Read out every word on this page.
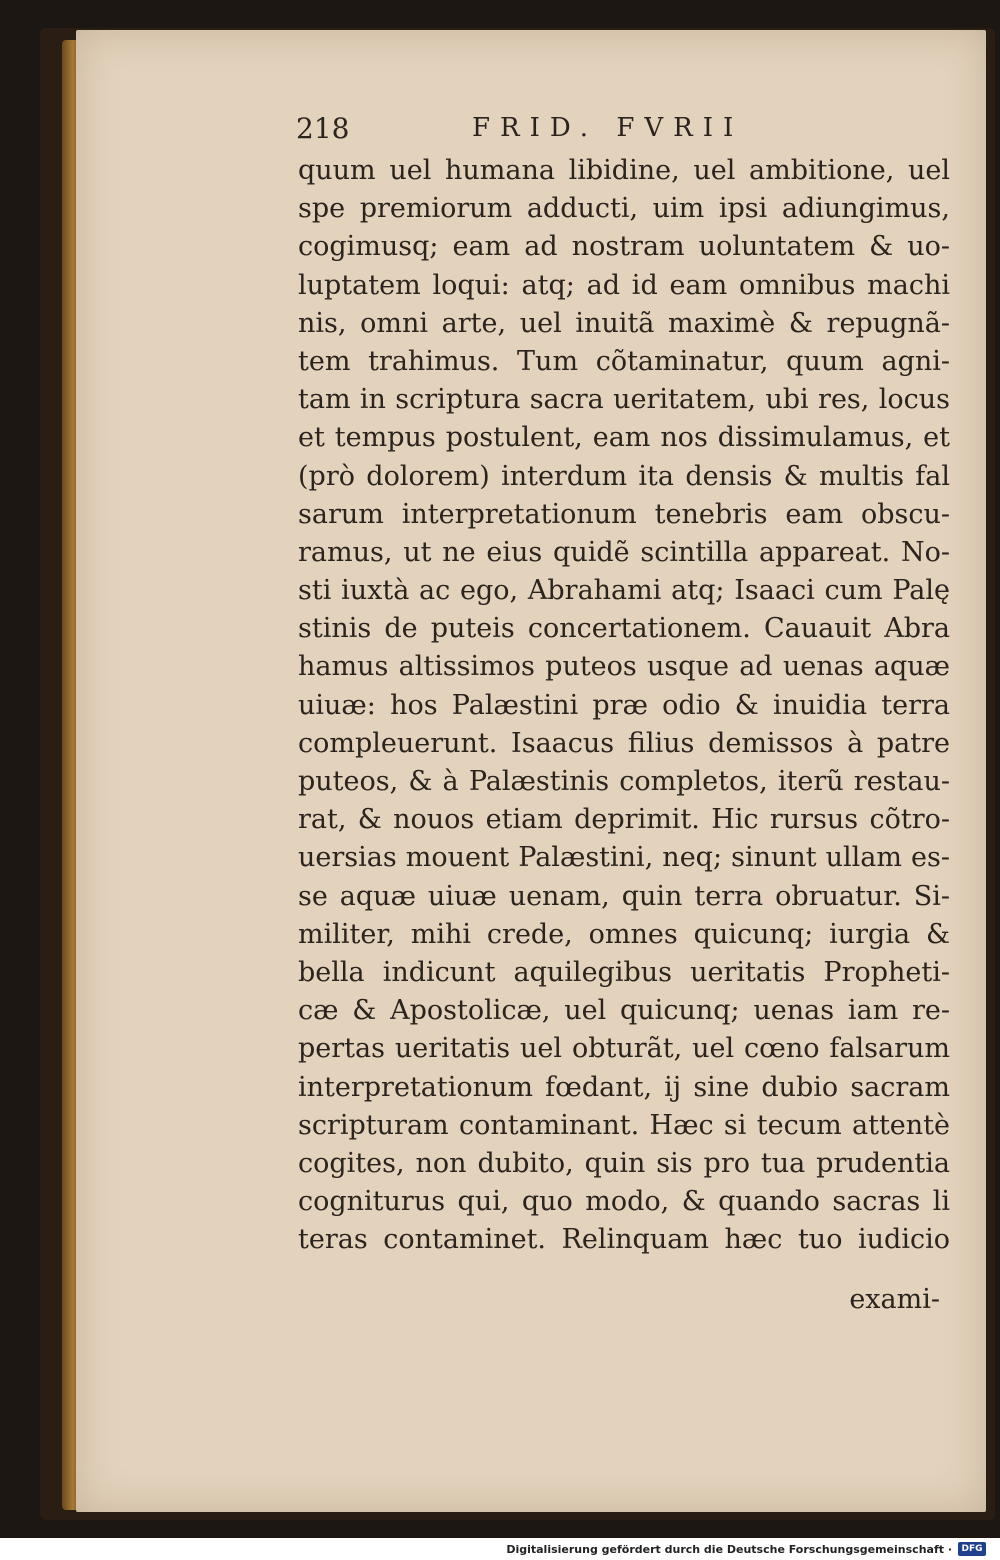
218	FRID. FVRII
quum uel humana libidine, uel ambitione, uel
spe premiorum adducti, uim ipsi adiungimus,
cogimusq; eam ad nostram uoluntatem & uo-
luptatem loqui: atq; ad id eam omnibus machi
nis, omni arte, uel inuitã maximè & repugnã-
tem trahimus. Tum cõtaminatur, quum agni-
tam in scriptura sacra ueritatem, ubi res, locus
et tempus postulent, eam nos dissimulamus, et
(prò dolorem) interdum ita densis & multis fal
sarum interpretationum tenebris eam obscu-
ramus, ut ne eius quidẽ scintilla appareat. No-
sti iuxtà ac ego, Abrahami atq; Isaaci cum Palę
stinis de puteis concertationem. Cauauit Abra
hamus altissimos puteos usque ad uenas aquæ
uiuæ: hos Palæstini præ odio & inuidia terra
compleuerunt. Isaacus filius demissos à patre
puteos, & à Palæstinis completos, iterũ restau-
rat, & nouos etiam deprimit. Hic rursus cõtro-
uersias mouent Palæstini, neq; sinunt ullam es-
se aquæ uiuæ uenam, quin terra obruatur. Si-
militer, mihi crede, omnes quicunq; iurgia &
bella indicunt aquilegibus ueritatis Propheti-
cæ & Apostolicæ, uel quicunq; uenas iam re-
pertas ueritatis uel obturãt, uel cœno falsarum
interpretationum fœdant, ij sine dubio sacram
scripturam contaminant. Hæc si tecum attentè
cogites, non dubito, quin sis pro tua prudentia
cogniturus qui, quo modo, & quando sacras li
teras contaminet. Relinquam hæc tuo iudicio
exami-
Digitalisierung gefördert durch die Deutsche Forschungsgemeinschaft ·	DFG
